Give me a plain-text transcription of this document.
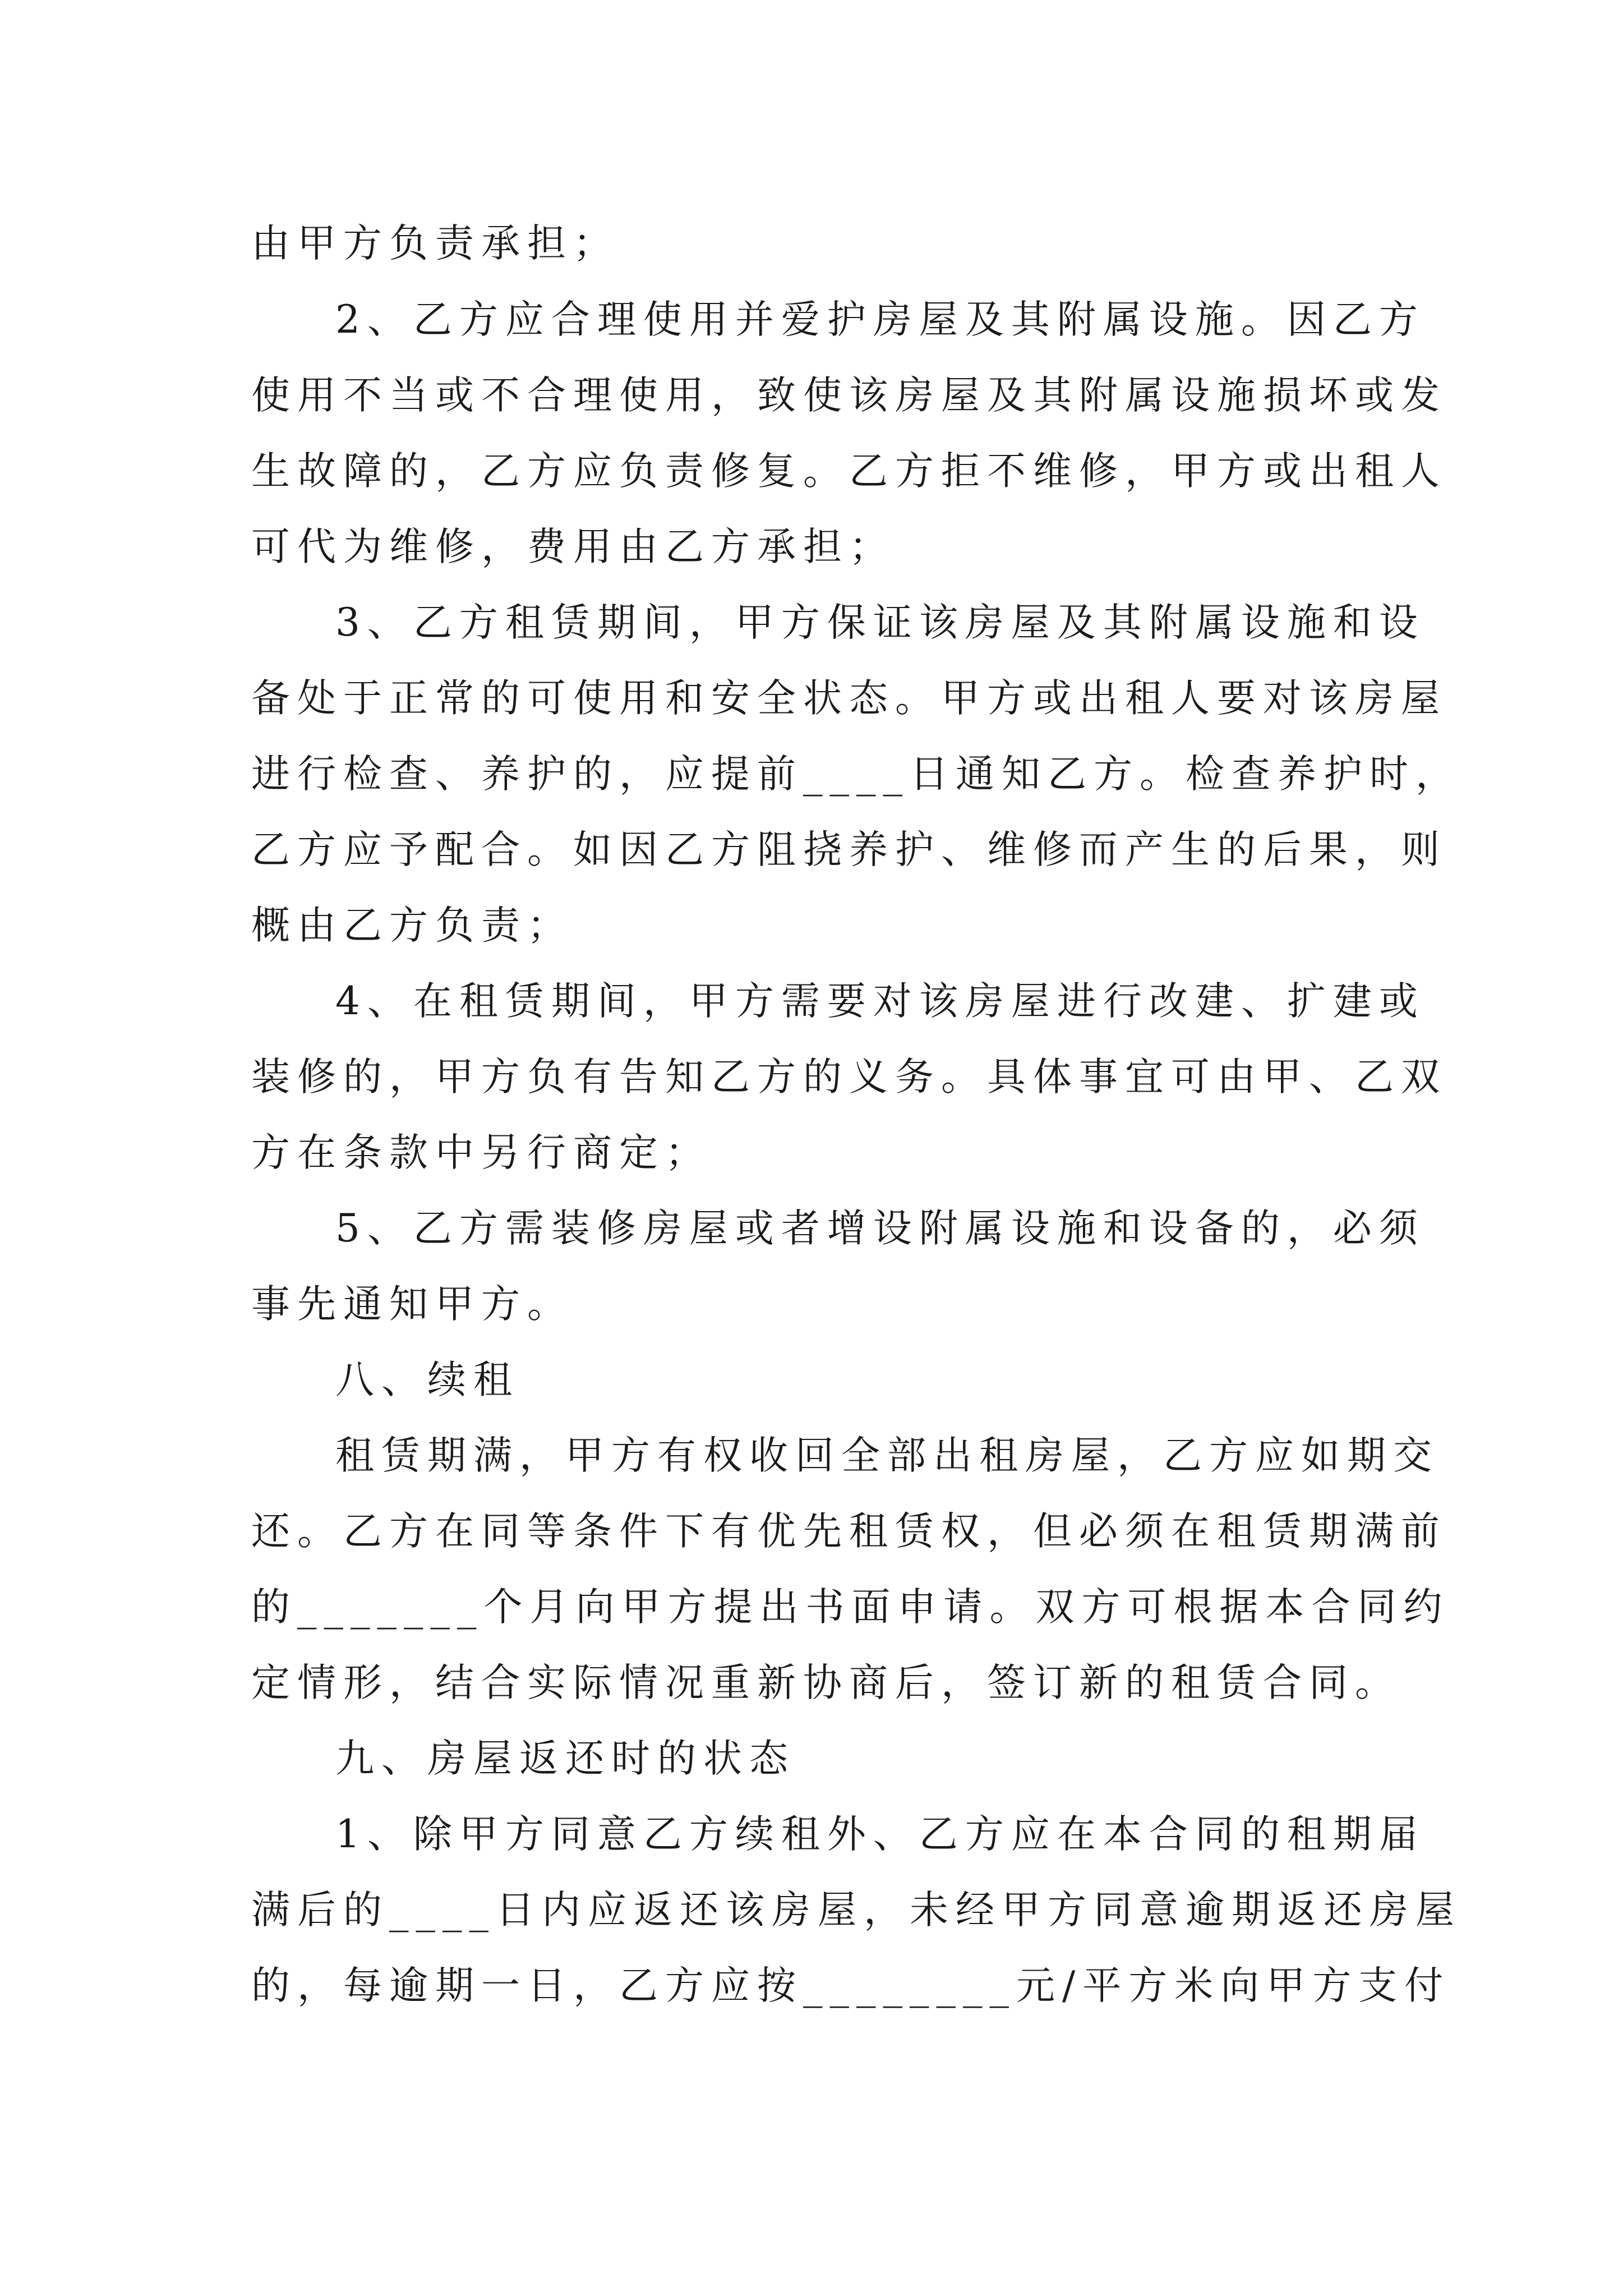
由甲方负责承担；
2、乙方应合理使用并爱护房屋及其附属设施。因乙方
使用不当或不合理使用，致使该房屋及其附属设施损坏或发
生故障的，乙方应负责修复。乙方拒不维修，甲方或出租人
可代为维修，费用由乙方承担；
3、乙方租赁期间，甲方保证该房屋及其附属设施和设
备处于正常的可使用和安全状态。甲方或出租人要对该房屋
进行检查、养护的，应提前____日通知乙方。检查养护时，
乙方应予配合。如因乙方阻挠养护、维修而产生的后果，则
概由乙方负责；
4、在租赁期间，甲方需要对该房屋进行改建、扩建或
装修的，甲方负有告知乙方的义务。具体事宜可由甲、乙双
方在条款中另行商定；
5、乙方需装修房屋或者增设附属设施和设备的，必须
事先通知甲方。
八、续租
租赁期满，甲方有权收回全部出租房屋，乙方应如期交
还。乙方在同等条件下有优先租赁权，但必须在租赁期满前
的_______个月向甲方提出书面申请。双方可根据本合同约
定情形，结合实际情况重新协商后，签订新的租赁合同。
九、房屋返还时的状态
1、除甲方同意乙方续租外、乙方应在本合同的租期届
满后的____日内应返还该房屋，未经甲方同意逾期返还房屋
的，每逾期一日，乙方应按________元/平方米向甲方支付
